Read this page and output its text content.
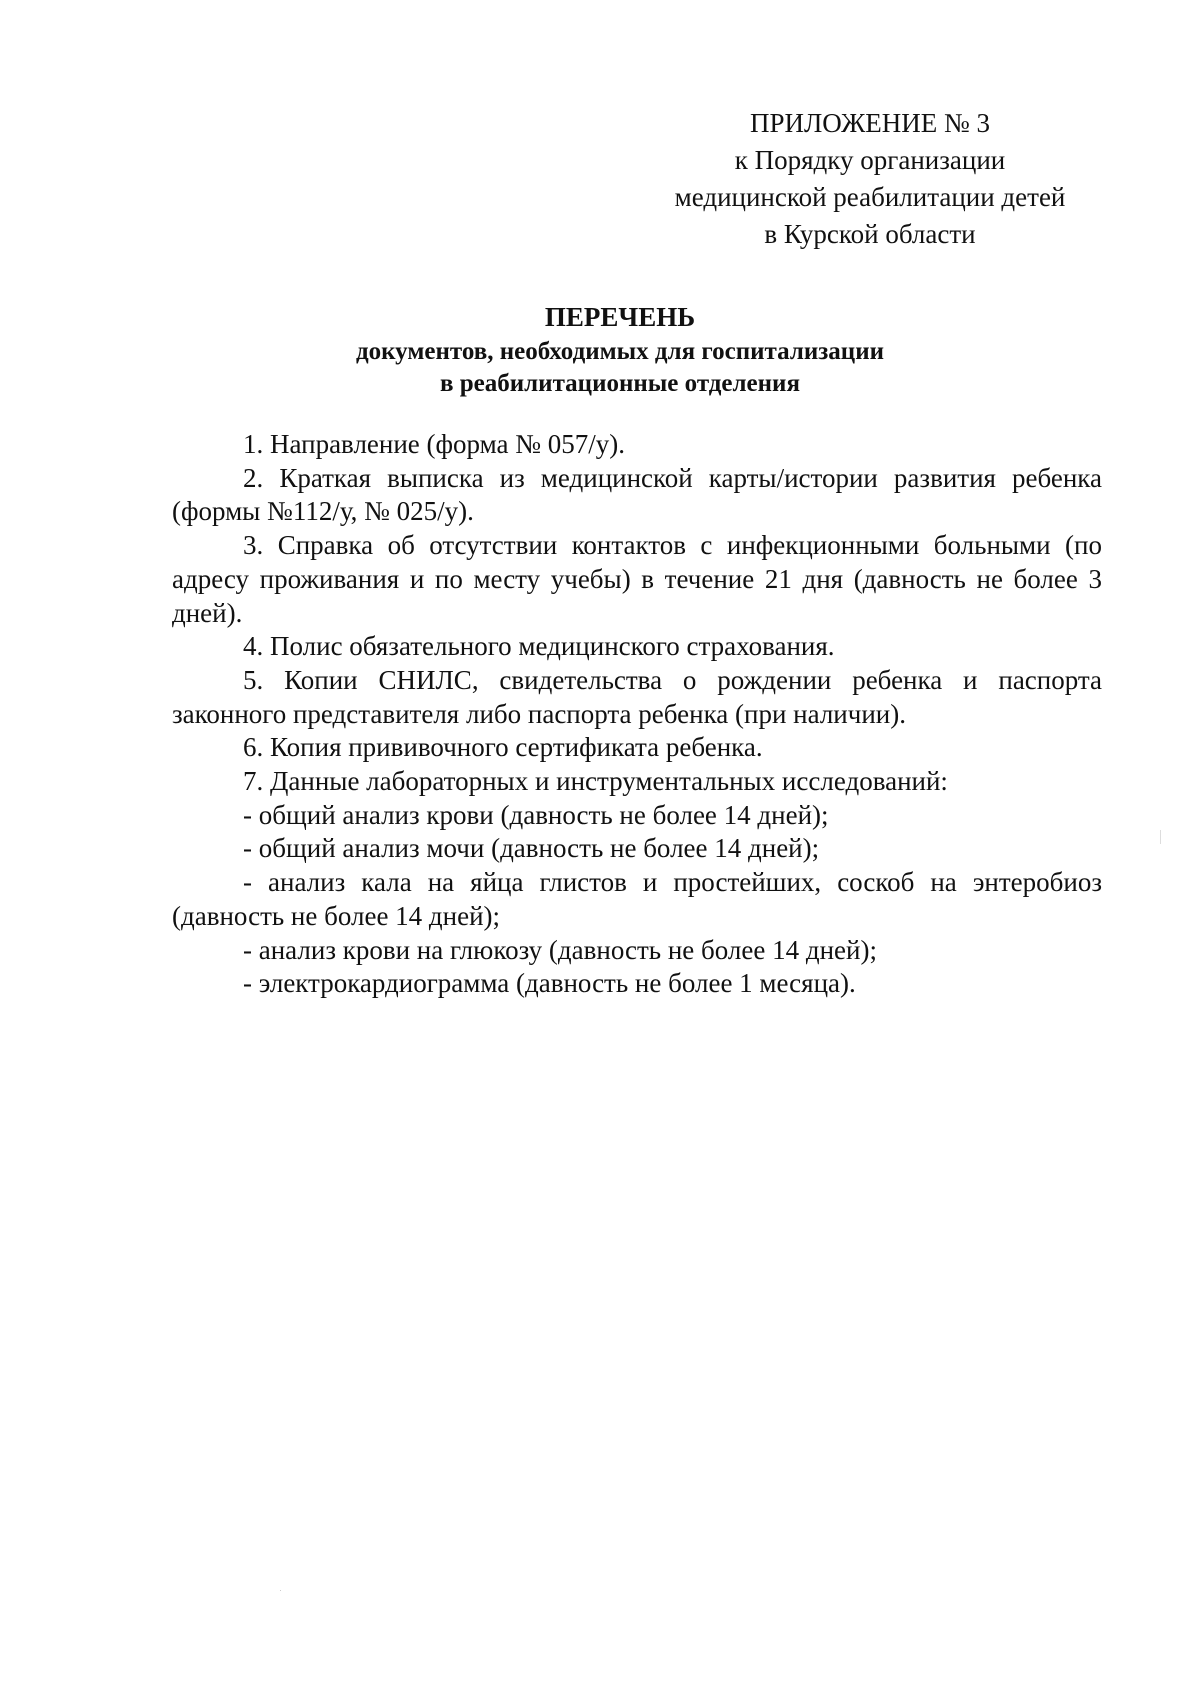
ПРИЛОЖЕНИЕ № 3
к Порядку организации
медицинской реабилитации детей
в Курской области
ПЕРЕЧЕНЬ
документов, необходимых для госпитализации
в реабилитационные отделения
1. Направление (форма № 057/у).
2. Краткая выписка из медицинской карты/истории развития ребенка (формы №112/у, № 025/у).
3. Справка об отсутствии контактов с инфекционными больными (по адресу проживания и по месту учебы) в течение 21 дня (давность не более 3 дней).
4. Полис обязательного медицинского страхования.
5. Копии СНИЛС, свидетельства о рождении ребенка и паспорта законного представителя либо паспорта ребенка (при наличии).
6. Копия прививочного сертификата ребенка.
7. Данные лабораторных и инструментальных исследований:
- общий анализ крови (давность не более 14 дней);
- общий анализ мочи (давность не более 14 дней);
- анализ кала на яйца глистов и простейших, соскоб на энтеробиоз (давность не более 14 дней);
- анализ крови на глюкозу (давность не более 14 дней);
- электрокардиограмма (давность не более 1 месяца).
